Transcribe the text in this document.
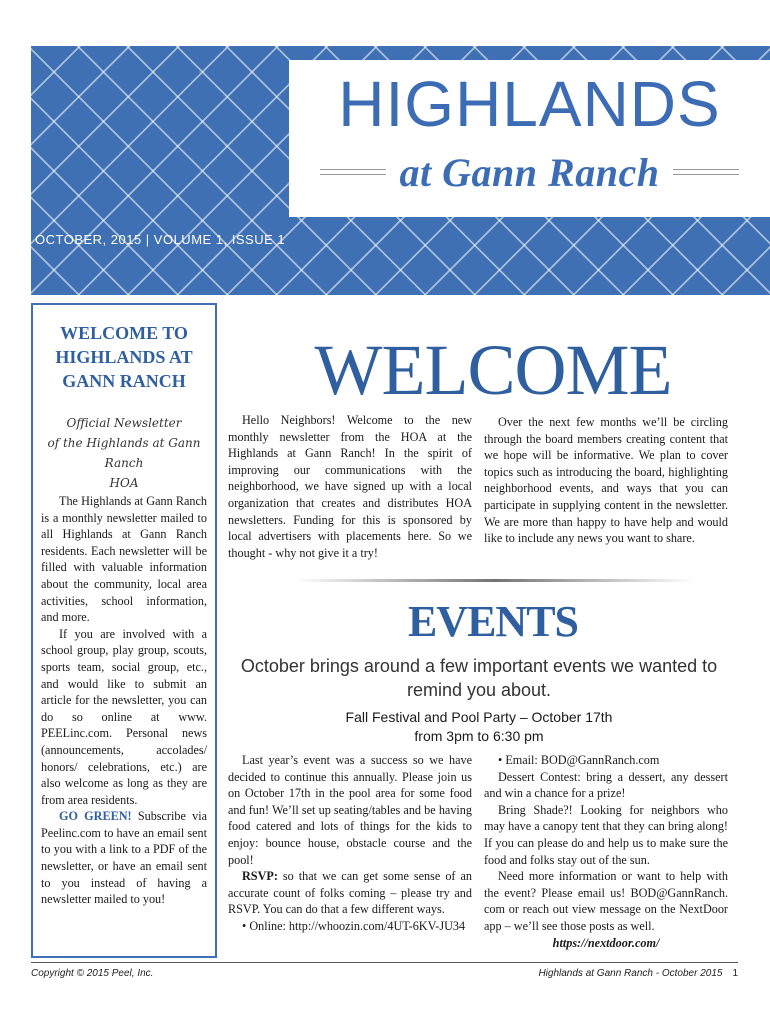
HIGHLANDS
at Gann Ranch
OCTOBER, 2015 | VOLUME 1, ISSUE 1
WELCOME TO HIGHLANDS AT GANN RANCH
Official Newsletter
of the Highlands at Gann Ranch
HOA

The Highlands at Gann Ranch is a monthly newsletter mailed to all Highlands at Gann Ranch residents. Each newsletter will be filled with valuable information about the community, local area activities, school information, and more.

If you are involved with a school group, play group, scouts, sports team, social group, etc., and would like to submit an article for the newsletter, you can do so online at www. PEELinc.com. Personal news (announcements, accolades/ honors/ celebrations, etc.) are also welcome as long as they are from area residents.

GO GREEN! Subscribe via Peelinc.com to have an email sent to you with a link to a PDF of the newsletter, or have an email sent to you instead of having a newsletter mailed to you!

WELCOME

Hello Neighbors! Welcome to the new monthly newsletter from the HOA at the Highlands at Gann Ranch! In the spirit of improving our communications with the neighborhood, we have signed up with a local organization that creates and distributes HOA newsletters. Funding for this is sponsored by local advertisers with placements here. So we thought - why not give it a try!

Over the next few months we’ll be circling through the board members creating content that we hope will be informative. We plan to cover topics such as introducing the board, highlighting neighborhood events, and ways that you can participate in supplying content in the newsletter. We are more than happy to have help and would like to include any news you want to share.

EVENTS
October brings around a few important events we wanted to remind you about.
Fall Festival and Pool Party – October 17th
from 3pm to 6:30 pm

Last year’s event was a success so we have decided to continue this annually. Please join us on October 17th in the pool area for some food and fun! We’ll set up seating/tables and be having food catered and lots of things for the kids to enjoy: bounce house, obstacle course and the pool!

RSVP: so that we can get some sense of an accurate count of folks coming – please try and RSVP. You can do that a few different ways.

• Online: http://whoozin.com/4UT-6KV-JU34

• Email: BOD@GannRanch.com

Dessert Contest: bring a dessert, any dessert and win a chance for a prize!

Bring Shade?! Looking for neighbors who may have a canopy tent that they can bring along! If you can please do and help us to make sure the food and folks stay out of the sun.

Need more information or want to help with the event? Please email us! BOD@GannRanch. com or reach out view message on the NextDoor app – we’ll see those posts as well.

https://nextdoor.com/
Copyright © 2015 Peel, Inc.	Highlands at Gann Ranch - October 2015 1
